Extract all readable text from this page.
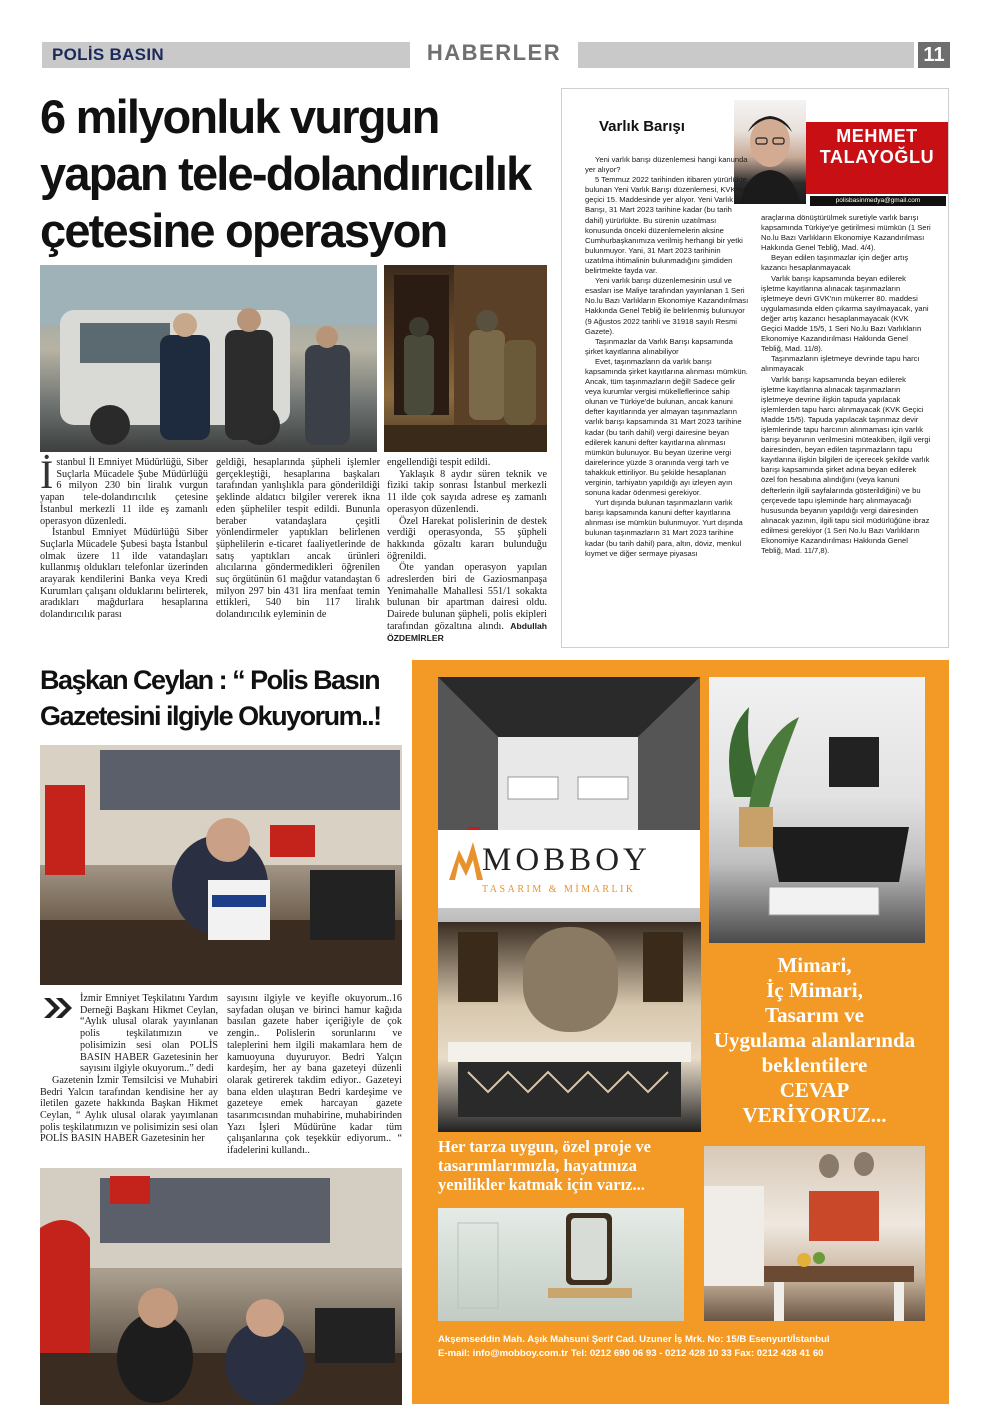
POLİS BASIN	HABERLER	11
6 milyonluk vurgun yapan tele-dolandırıcılık çetesine operasyon

İstanbul İl Emniyet Müdürlüğü, Siber Suçlarla Mücadele Şube Müdürlüğü 6 milyon 230 bin liralık vurgun yapan tele-dolandırıcılık çetesine İstanbul merkezli 11 ilde eş zamanlı operasyon düzenledi.

İstanbul Emniyet Müdürlüğü Siber Suçlarla Mücadele Şubesi başta İstanbul olmak üzere 11 ilde vatandaşları kullanmış oldukları telefonlar üzerinden arayarak kendilerini Banka veya Kredi Kurumları çalışanı olduklarını belirterek, aradıkları mağdurlara hesaplarına dolandırıcılık parası

geldiği, hesaplarında şüpheli işlemler gerçekleştiği, hesaplarına başkaları tarafından yanlışlıkla para gönderildiği şeklinde aldatıcı bilgiler vererek ikna eden şüpheliler tespit edildi. Bununla beraber vatandaşlara çeşitli yönlendirmeler yaptıkları belirlenen şüphelilerin e-ticaret faaliyetlerinde de satış yaptıkları ancak ürünleri alıcılarına göndermedikleri öğrenilen suç örgütünün 61 mağdur vatandaştan 6 milyon 297 bin 431 lira menfaat temin ettikleri, 540 bin 117 liralık dolandırıcılık eyleminin de

engellendiği tespit edildi.

Yaklaşık 8 aydır süren teknik ve fiziki takip sonrası İstanbul merkezli 11 ilde çok sayıda adrese eş zamanlı operasyon düzenlendi.

Özel Harekat polislerinin de destek verdiği operasyonda, 55 şüpheli hakkında gözaltı kararı bulunduğu öğrenildi.

Öte yandan operasyon yapılan adreslerden biri de Gaziosmanpaşa Yenimahalle Mahallesi 551/1 sokakta bulunan bir apartman dairesi oldu. Dairede bulunan şüpheli, polis ekipleri tarafından gözaltına alındı. Abdullah ÖZDEMİRLER

Varlık Barışı	MEHMET
TALAYOĞLU
polisbasinmedya@gmail.com

Yeni varlık barışı düzenlemesi hangi kanunda yer alıyor?

5 Temmuz 2022 tarihinden itibaren yürürlükte bulunan Yeni Varlık Barışı düzenlemesi, KVK'nın geçici 15. Maddesinde yer alıyor. Yeni Varlık Barışı, 31 Mart 2023 tarihine kadar (bu tarih dahil) yürürlükte. Bu sürenin uzatılması konusunda önceki düzenlemelerin aksine Cumhurbaşkanımıza verilmiş herhangi bir yetki bulunmuyor. Yani, 31 Mart 2023 tarihinin uzatılma ihtimalinin bulunmadığını şimdiden belirtmekte fayda var.

Yeni varlık barışı düzenlemesinin usul ve esasları ise Maliye tarafından yayınlanan 1 Seri No.lu Bazı Varlıkların Ekonomiye Kazandırılması Hakkında Genel Tebliğ ile belirlenmiş bulunuyor (9 Ağustos 2022 tarihli ve 31918 sayılı Resmi Gazete).

Taşınmazlar da Varlık Barışı kapsamında şirket kayıtlarına alınabiliyor

Evet, taşınmazların da varlık barışı kapsamında şirket kayıtlarına alınması mümkün. Ancak, tüm taşınmazların değil! Sadece gelir veya kurumlar vergisi mükelleflerince sahip olunan ve Türkiye'de bulunan, ancak kanuni defter kayıtlarında yer almayan taşınmazların varlık barışı kapsamında 31 Mart 2023 tarihine kadar (bu tarih dahil) vergi dairesine beyan edilerek kanuni defter kayıtlarına alınması mümkün bulunuyor. Bu beyan üzerine vergi dairelerince yüzde 3 oranında vergi tarh ve tahakkuk ettiriliyor. Bu şekilde hesaplanan verginin, tarhiyatın yapıldığı ayı izleyen ayın sonuna kadar ödenmesi gerekiyor.

Yurt dışında bulunan taşınmazların varlık barışı kapsamında kanuni defter kayıtlarına alınması ise mümkün bulunmuyor. Yurt dışında bulunan taşınmazların 31 Mart 2023 tarihine kadar (bu tarih dahil) para, altın, döviz, menkul kıymet ve diğer sermaye piyasası

araçlarına dönüştürülmek suretiyle varlık barışı kapsamında Türkiye'ye getirilmesi mümkün (1 Seri No.lu Bazı Varlıkların Ekonomiye Kazandırılması Hakkında Genel Tebliğ, Mad. 4/4).

Beyan edilen taşınmazlar için değer artış kazancı hesaplanmayacak

Varlık barışı kapsamında beyan edilerek işletme kayıtlarına alınacak taşınmazların işletmeye devri GVK'nın mükerrer 80. maddesi uygulamasında elden çıkarma sayılmayacak, yani değer artış kazancı hesaplanmayacak (KVK Geçici Madde 15/5, 1 Seri No.lu Bazı Varlıkların Ekonomiye Kazandırılması Hakkında Genel Tebliğ, Mad. 11/8).

Taşınmazların işletmeye devrinde tapu harcı alınmayacak

Varlık barışı kapsamında beyan edilerek işletme kayıtlarına alınacak taşınmazların işletmeye devrine ilişkin tapuda yapılacak işlemlerden tapu harcı alınmayacak (KVK Geçici Madde 15/5). Tapuda yapılacak taşınmaz devir işlemlerinde tapu harcının alınmaması için varlık barışı beyanının verilmesini müteakiben, ilgili vergi dairesinden, beyan edilen taşınmazların tapu kayıtlarına ilişkin bilgileri de içerecek şekilde varlık barışı kapsamında şirket adına beyan edilerek özel fon hesabına alındığını (veya kanuni defterlerin ilgili sayfalarında gösterildiğini) ve bu çerçevede tapu işleminde harç alınmayacağı hususunda beyanın yapıldığı vergi dairesinden alınacak yazının, ilgili tapu sicil müdürlüğüne ibraz edilmesi gerekiyor (1 Seri No.lu Bazı Varlıkların Ekonomiye Kazandırılması Hakkında Genel Tebliğ, Mad. 11/7,8).

Başkan Ceylan : “ Polis Basın Gazetesini ilgiyle Okuyorum..!

İzmir Emniyet Teşkilatını Yardım Derneği Başkanı Hikmet Ceylan, “Aylık ulusal olarak yayınlanan polis teşkilatımızın ve polisimizin sesi olan POLİS BASIN HABER Gazetesinin her sayısını ilgiyle okuyorum..” dedi

Gazetenin İzmir Temsilcisi ve Muhabiri Bedri Yalcın tarafından kendisine her ay iletilen gazete hakkında Başkan Hikmet Ceylan, “ Aylık ulusal olarak yayımlanan polis teşkilatımızın ve polisimizin sesi olan POLİS BASIN HABER Gazetesinin her

sayısını ilgiyle ve keyifle okuyorum..16 sayfadan oluşan ve birinci hamur kağıda basılan gazete haber içeriğiyle de çok zengin.. Polislerin sorunlarını ve taleplerini hem ilgili makamlara hem de kamuoyuna duyuruyor. Bedri Yalçın kardeşim, her ay bana gazeteyi düzenli olarak getirerek takdim ediyor.. Gazeteyi bana elden ulaştıran Bedri kardeşime ve gazeteye emek harcayan gazete tasarımcısından muhabirine, muhabirinden Yazı İşleri Müdürüne kadar tüm çalışanlarına çok teşekkür ediyorum.. “ ifadelerini kullandı..

MOBBOY
TASARIM & MİMARLIK
Mimari,
İç Mimari,
Tasarım ve
Uygulama alanlarında
beklentilere
CEVAP
VERİYORUZ...
Her tarza uygun, özel proje ve tasarımlarımızla, hayatınıza yenilikler katmak için varız...
Akşemseddin Mah. Aşık Mahsuni Şerif Cad. Uzuner İş Mrk. No: 15/B Esenyurt/İstanbul
E-mail: info@mobboy.com.tr Tel: 0212 690 06 93 - 0212 428 10 33 Fax: 0212 428 41 60
